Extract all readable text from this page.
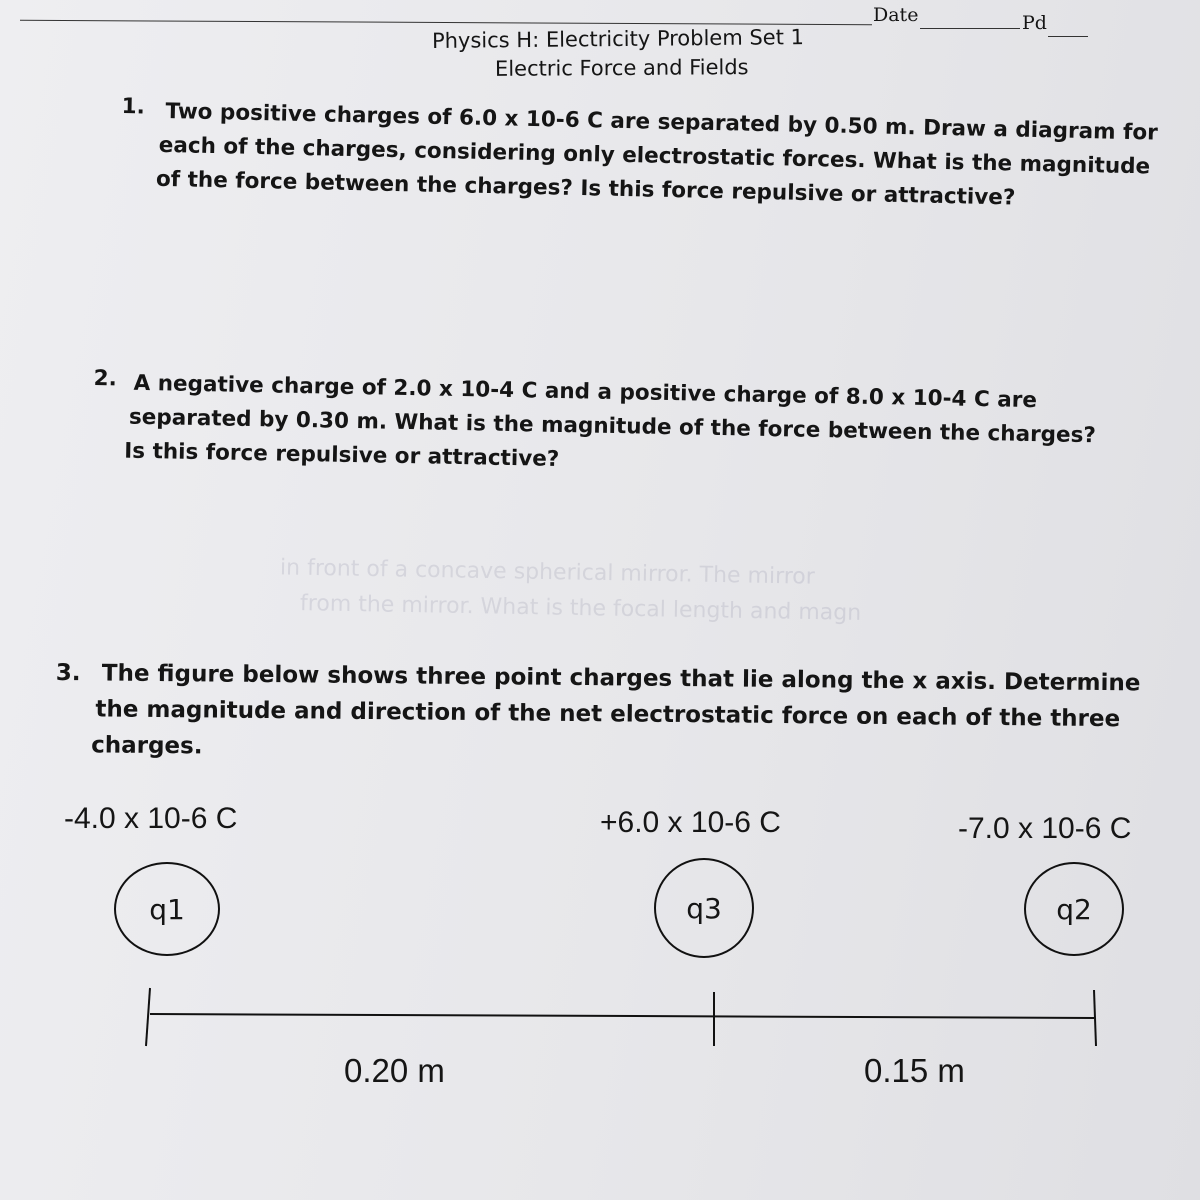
in front of a concave spherical mirror. The mirror
from the mirror. What is the focal length and magn
Date	Pd
Physics H: Electricity Problem Set 1
Electric Force and Fields
1. Two positive charges of 6.0 x 10-6 C are separated by 0.50 m. Draw a diagram for
each of the charges, considering only electrostatic forces. What is the magnitude
of the force between the charges? Is this force repulsive or attractive?
2. A negative charge of 2.0 x 10-4 C and a positive charge of 8.0 x 10-4 C are
separated by 0.30 m. What is the magnitude of the force between the charges?
Is this force repulsive or attractive?
3. The figure below shows three point charges that lie along the x axis. Determine
the magnitude and direction of the net electrostatic force on each of the three
charges.
-4.0 x 10-6 C	+6.0 x 10-6 C	-7.0 x 10-6 C
q1	q3	q2
0.20 m	0.15 m
